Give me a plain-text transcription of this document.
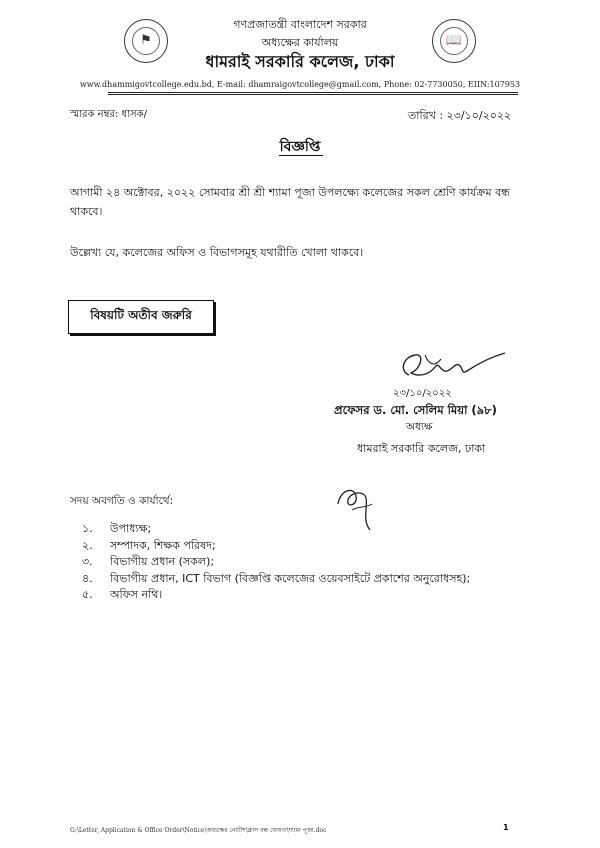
⚑	📖
গণপ্রজাতন্ত্রী বাংলাদেশ সরকার
অধ্যক্ষের কার্যালয়
ধামরাই সরকারি কলেজ, ঢাকা
www.dhammigovtcollege.edu.bd, E-mail: dhamraigovtcollege@gmail.com, Phone: 02-7730050, EIIN:107953
স্মারক নম্বর: ধাসক/	তারিখ : ২৩/১০/২০২২
বিজ্ঞপ্তি

আগামী ২৪ অক্টোবর, ২০২২ সোমবার শ্রী শ্রী শ্যামা পূজা উপলক্ষ্যে কলেজের সকল শ্রেণি কার্যক্রম বন্ধ থাকবে।

উল্লেখ্য যে, কলেজের অফিস ও বিভাগসমূহ যথারীতি খোলা থাকবে।

বিষয়টি অতীব জরুরি
২৩/১০/২০২২
প্রফেসর ড. মো. সেলিম মিয়া (৯৮)
অধ্যক্ষ
ধামরাই সরকারি কলেজ, ঢাকা
সদয় অবগতি ও কার্যার্থে:
১.	উপাধ্যক্ষ;
২.	সম্পাদক, শিক্ষক পরিষদ;
৩.	বিভাগীয় প্রধান (সকল);
৪.	বিভাগীয় প্রধান, ICT বিভাগ (বিজ্ঞপ্তি কলেজের ওয়েবসাইটে প্রকাশের অনুরোধসহ);
৫.	অফিস নথি।
G:\Letter, Application & Office Order\Notice\অধ্যক্ষের নোটিশ\ক্লাস বন্ধ ঘোষণা\শ্যামা পূজা.doc	1
